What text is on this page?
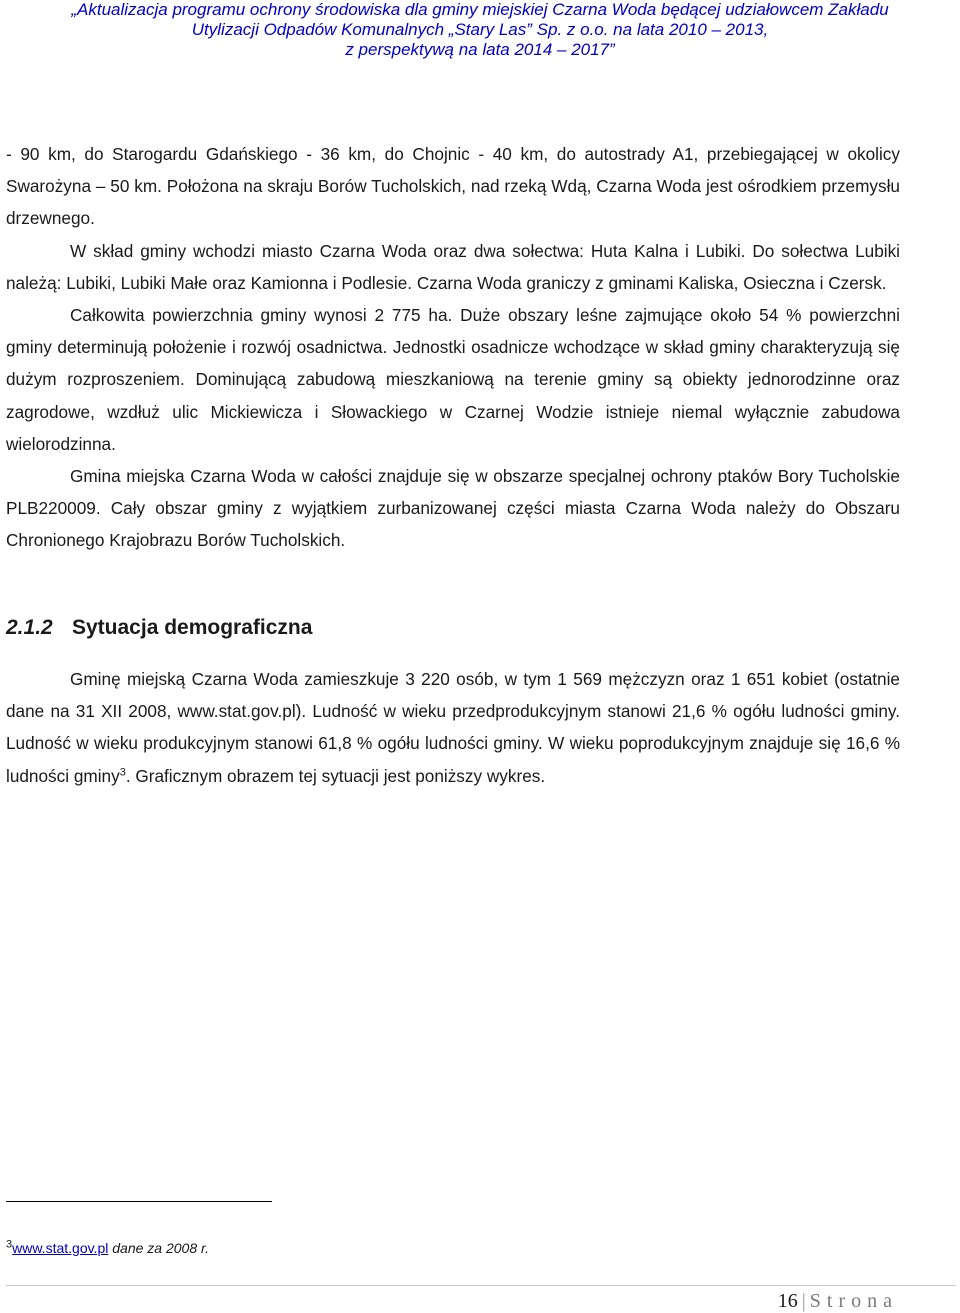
„Aktualizacja programu ochrony środowiska dla gminy miejskiej Czarna Woda będącej udziałowcem Zakładu
Utylizacji Odpadów Komunalnych „Stary Las” Sp. z o.o. na lata 2010 – 2013,
z perspektywą na lata 2014 – 2017”

- 90 km, do Starogardu Gdańskiego - 36 km, do Chojnic - 40 km, do autostrady A1, przebiegającej w okolicy Swarożyna – 50 km. Położona na skraju Borów Tucholskich, nad rzeką Wdą, Czarna Woda jest ośrodkiem przemysłu drzewnego.

W skład gminy wchodzi miasto Czarna Woda oraz dwa sołectwa: Huta Kalna i Lubiki. Do sołectwa Lubiki należą: Lubiki, Lubiki Małe oraz Kamionna i Podlesie. Czarna Woda graniczy z gminami Kaliska, Osieczna i Czersk.

Całkowita powierzchnia gminy wynosi 2 775 ha. Duże obszary leśne zajmujące około 54 % powierzchni gminy determinują położenie i rozwój osadnictwa. Jednostki osadnicze wchodzące w skład gminy charakteryzują się dużym rozproszeniem. Dominującą zabudową mieszkaniową na terenie gminy są obiekty jednorodzinne oraz zagrodowe, wzdłuż ulic Mickiewicza i Słowackiego w Czarnej Wodzie istnieje niemal wyłącznie zabudowa wielorodzinna.

Gmina miejska Czarna Woda w całości znajduje się w obszarze specjalnej ochrony ptaków Bory Tucholskie PLB220009. Cały obszar gminy z wyjątkiem zurbanizowanej części miasta Czarna Woda należy do Obszaru Chronionego Krajobrazu Borów Tucholskich.

2.1.2 Sytuacja demograficzna

Gminę miejską Czarna Woda zamieszkuje 3 220 osób, w tym 1 569 mężczyzn oraz 1 651 kobiet (ostatnie dane na 31 XII 2008, www.stat.gov.pl). Ludność w wieku przedprodukcyjnym stanowi 21,6 % ogółu ludności gminy. Ludność w wieku produkcyjnym stanowi 61,8 % ogółu ludności gminy. W wieku poprodukcyjnym znajduje się 16,6 % ludności gminy$^3$. Graficznym obrazem tej sytuacji jest poniższy wykres.

$^3$www.stat.gov.pl dane za 2008 r.
16 | Strona
